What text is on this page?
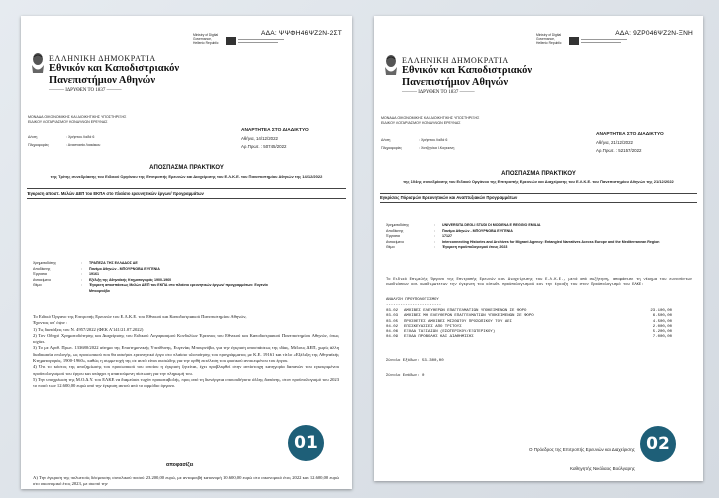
ΑΔΑ: ΨΨΦΗ46ΨΖ2Ν-2ΣΤ
Ministry of Digital
Governance,
Hellenic Republic
ΕΛΛΗΝΙΚΗ ΔΗΜΟΚΡΑΤΙΑ
Εθνικόν και Καποδιστριακόν
Πανεπιστήμιον Αθηνών
——— ΙΔΡΥΘΕΝ ΤΟ 1837 ———
ΜΟΝΑΔΑ ΟΙΚΟΝΟΜΙΚΗΣ ΚΑΙ ΔΙΟΙΚΗΤΙΚΗΣ ΥΠΟΣΤΗΡΙΞΗΣ
ΕΙΔΙΚΟΥ ΛΟΓΑΡΙΑΣΜΟΥ ΚΟΝΔΥΛΙΩΝ ΕΡΕΥΝΑΣ
Δ/νση	: Χρήστου Λαδά 6
Πληροφορίες	: Αναστασία Λιακάκου
ΑΝΑΡΤΗΤΕΑ ΣΤΟ ΔΙΑΔΙΚΤΥΟ
Αθήνα, 14/12/2022
Αρ.Πρωτ. : 50745/2022
ΑΠΟΣΠΑΣΜΑ ΠΡΑΚΤΙΚΟΥ
της Τρίτης συνεδρίασης του Ειδικού Οργάνου της Επιτροπής Ερευνών και Διαχείρισης του Ε.Λ.Κ.Ε. του Πανεπιστημίου Αθηνών της 14/12/2022
Έγκριση αποστ. Μελών ΔΕΠ του ΕΚΠΑ στο πλαίσιο ερευνητικών έργων/ προγραμμάτων
Χρηματοδότης	: ΤΡΑΠΕΖΑ ΤΗΣ ΕΛΛΑΔΟΣ ΑΕ
Αποδέκτης	: Πανέμο Αθηνών - ΜΠΟΥΡΝΟΒΑ ΕΥΓΕΝΙΑ
Έργασια	: 19161
Αντικείμενο	: Εξέλιξη της Αθηναϊκής Κτηματαγοράς 1900-1960
Θέμα	:	Έγκριση αποσπάσεως Μελών ΔΕΠ του ΕΚΠΑ στο πλαίσιο ερευνητικών έργων/ προγραμμάτων: Ευγενία Μπουρνόβα
Το Ειδικό Όργανο της Επιτροπής Ερευνών του Ε.Λ.Κ.Ε. του Εθνικού και Καποδιστριακού Πανεπιστημίου Αθηνών,
Έχοντας υπ' όψιν :
1) Τις διατάξεις του Ν. 4957/2022 (ΦΕΚ Α'141/21.07.2022)
2) Τον Οδηγό Χρηματοδότησης και Διαχείρισης του Ειδικού Λογαριασμού Κονδυλίων Έρευνας του Εθνικού και Καποδιστριακού Πανεπιστημίου Αθηνών, όπως ισχύει.
3) Το με Αριθ. Πρωτ. 133680/2022 αίτημα της Επιστημονικής Υπεύθυνης, Ευγενίας Μπουρνόβα, για την έγκριση αποσπάσεως της ιδίας, Μέλους ΔΕΠ, χωρίς άλλη διαδικασία επιλογής, ως προσωπικού που θα ασκήσει ερευνητικό έργο στο πλαίσιο υλοποίησης του προγράμματος με Κ.Ε. 19161 και τίτλο «Εξέλιξη της Αθηναϊκής Κτηματαγοράς, 1900-1960», καθώς η συμμετοχή της σε αυτό είναι ουσιώδης για την ορθή εκτέλεση του φυσικού αντικειμένου του έργου.
4) Ότι το κόστος της αποζημίωσης του προσωπικού του οποίου η έγκριση ζητείται, έχει προβλεφθεί στην αντίστοιχη κατηγορία δαπανών του εγκεκριμένου προϋπολογισμού του έργου και υπάρχει η απαιτούμενη πίστωση για την πληρωμή του.
5) Την υποχρέωση της Μ.Ο.Δ.Υ. του ΕΛΚΕ να διαμεύσει τυχόν προκαταβολής, προς από τη διενέργεια οποιουδήποτε άλλης δαπάνης, στον προϋπολογισμό του 2023 το ποσό των 12.600,00 ευρώ από την έγκριση αυτού από το αρμόδιο όργανο.
αποφασίζει
Α) Την έγκριση της πολυετούς δέσμευσης συνολικού ποσού 23.200,00 ευρώ, με ανταμοιβή κατανομή 10.600,00 ευρώ στο οικονομικό έτος 2022 και 12.600,00 ευρώ στο οικονομικό έτος 2023, με σκοπό την
01
ΑΔΑ: 9ΖΡ046ΨΖ2Ν-ΞΝΗ
Ministry of Digital
Governance,
Hellenic Republic
ΕΛΛΗΝΙΚΗ ΔΗΜΟΚΡΑΤΙΑ
Εθνικόν και Καποδιστριακόν
Πανεπιστήμιον Αθηνών
——— ΙΔΡΥΘΕΝ ΤΟ 1837 ———
ΜΟΝΑΔΑ ΟΙΚΟΝΟΜΙΚΗΣ ΚΑΙ ΔΙΟΙΚΗΤΙΚΗΣ ΥΠΟΣΤΗΡΙΞΗΣ
ΕΙΔΙΚΟΥ ΛΟΓΑΡΙΑΣΜΟΥ ΚΟΝΔΥΛΙΩΝ ΕΡΕΥΝΑΣ
Δ/νση	: Χρήστου Λαδά 6
Πληροφορίες	: Χατζηνίκα Ι.Κογκιονη
ΑΝΑΡΤΗΤΕΑ ΣΤΟ ΔΙΑΔΙΚΤΥΟ
Αθήνα, 21/12/2022
Αρ.Πρωτ. : 52157/2022
ΑΠΟΣΠΑΣΜΑ ΠΡΑΚΤΙΚΟΥ
της 104ης συνεδρίασης του Ειδικού Οργάνου της Επιτροπής Ερευνών και Διαχείρισης του Ε.Λ.Κ.Ε. του Πανεπιστημίου Αθηνών της 21/12/2022
Εγκρίσεις Πόρισμών Ερευνητικών και Αναπτυξιακών Προγραμμάτων
Χρηματοδότης	: UNIVERSITA DEGLI STUDI DI MODENA E REGGIO EMILIA
Αποδέκτης	: Πανέμο Αθηνών - ΜΠΟΥΡΝΟΒΑ ΕΥΓΕΝΙΑ
Έργασια	: 17127
Αντικείμενο	:	Interconnecting Histories and Archives for Migrant Agency: Entangled Narratives Across Europe and the Mediterranean Region
Θέμα	: Έγκριση προϋπολογισμού έτους 2023
Το Ειδικό Επιμελής Όργανο της Επιτροπής Ερευνών και Διαχείρισης του Ε.Λ.Κ.Ε., μετά από συζήτηση, αποφάσισε τη νέκημα του ευνεσόντων εωαδιάσεων και οωαδιμωτετων την έγκριση του κάτωθι προϋπολογισμού και την έγκαξη του στον Προϋπολογισμό του ΕΛΚΕ:
ΑΝΑΛΥΣΗ ΠΡΟΫΠΟΛΟΓΙΣΜΟΥ
-----------------------
03.02	ΑΜΟΙΒΕΣ ΕΛΕΥΘΕΡΩΝ ΕΠΑΓΓΕΛΜΑΤΙΩΝ ΥΠΟΚΕΙΜΕΝΩΝ ΣΕ ΦΟΡΟ	23.100,00
03.03	ΑΜΟΙΒΕΣ ΜΗ ΕΛΕΥΘΕΡΩΝ ΕΠΑΓΓΕΛΜΑΤΙΩΝ ΥΠΟΚΕΙΜΕΝΩΝ ΣΕ ΦΟΡΟ	6.500,00
03.05	ΠΡΟΣΘΕΤΕΣ ΑΜΟΙΒΕΣ ΜΙΣΘΩΤΟΥ ΠΡΟΣΩΠΙΚΟΥ ΤΟΥ ΑΕΙ	4.500,00
04.02	ΕΠΙΣΚΕΥΑΣΙΕΣ ΑΠΟ ΤΡΙΤΟΥΣ	2.000,00
04.06	ΕΞΟΔΑ ΤΑΞΙΔΙΩΝ (ΕΣΩΤΕΡΙΚΟΥ/ΕΞΩΤΕΡΙΚΟΥ)	5.200,00
04.09	ΕΞΟΔΑ ΠΡΟΒΟΛΗΣ ΚΑΙ ΔΙΑΦΗΜΙΣΗΣ	7.000,00

Σύνολο Εξόδων: 53.300,00

Σύνολο Εσόδων: 0

Ο Πρόεδρος της Επιτροπής Ερευνών και Διαχείρισης
Καθηγητής Νικόλαος Βούλγαρης
02
